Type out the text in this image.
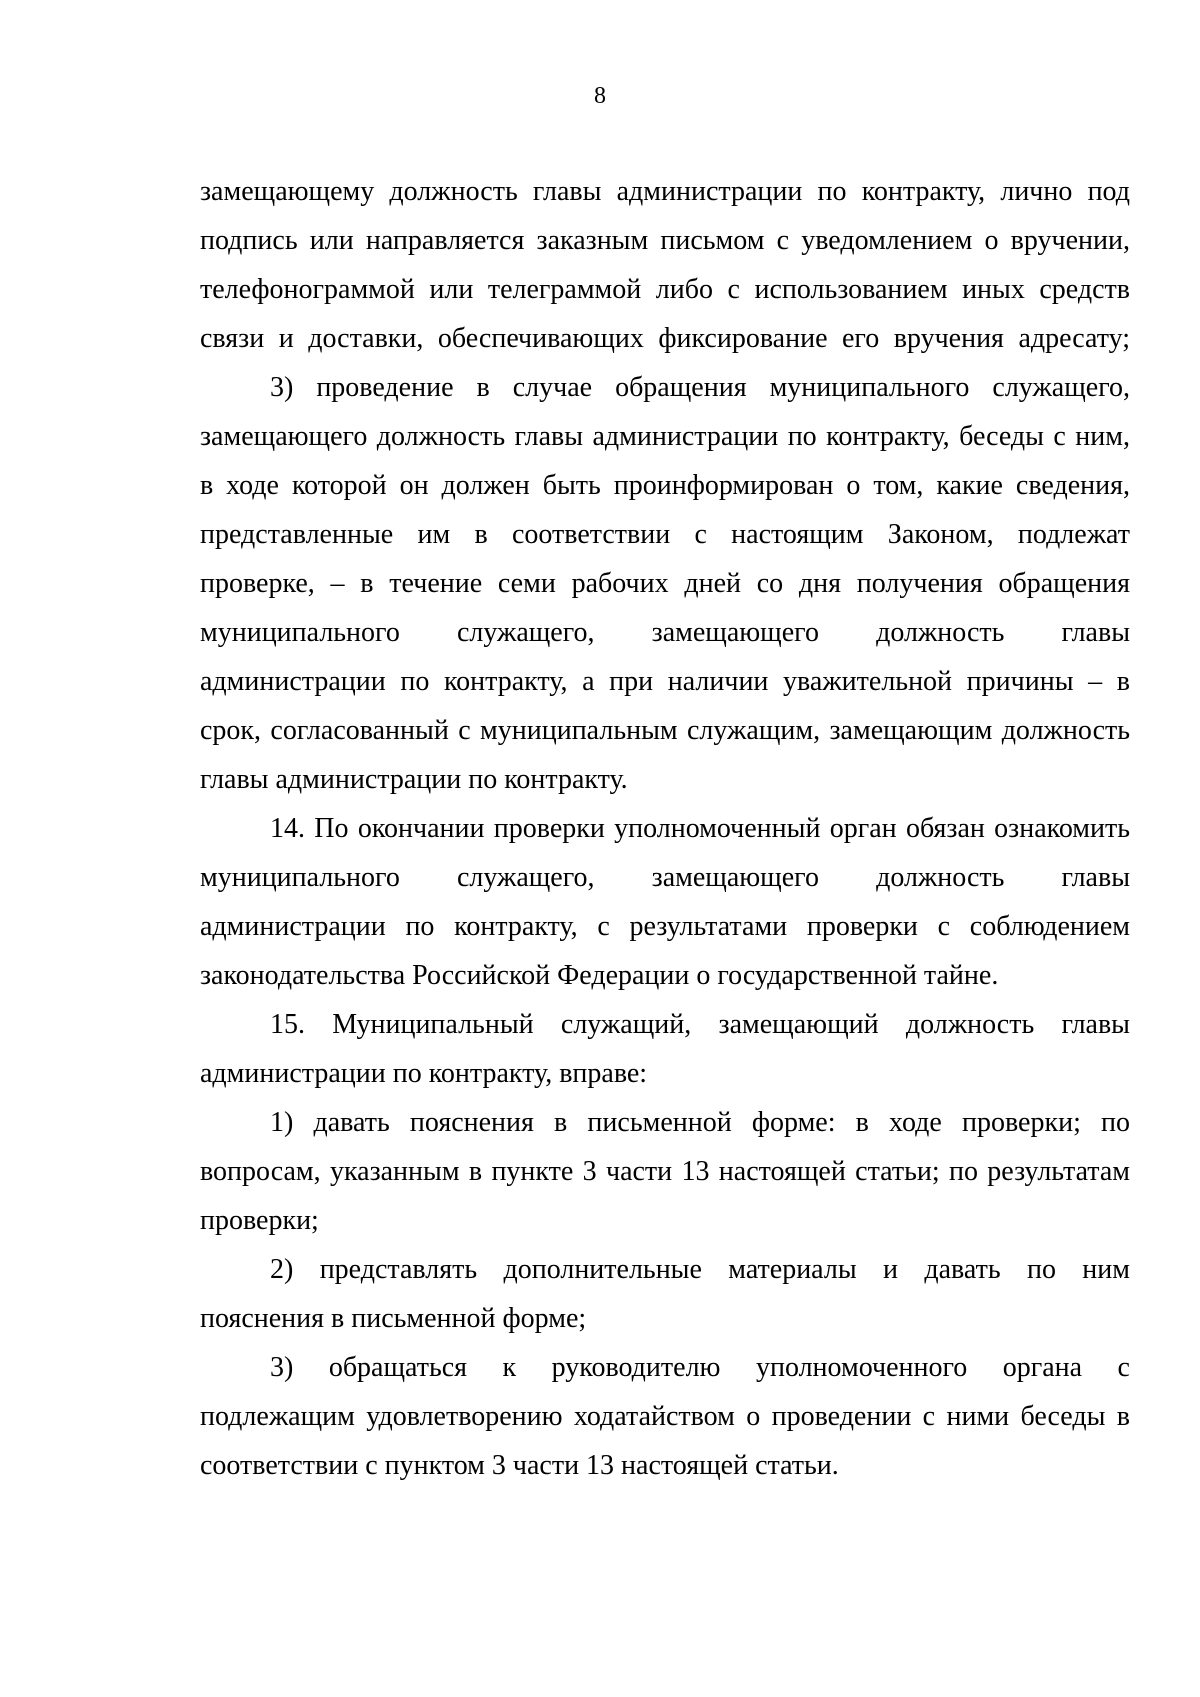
8
замещающему должность главы администрации по контракту, лично под
подпись или направляется заказным письмом с уведомлением о вручении,
телефонограммой или телеграммой либо с использованием иных средств
связи и доставки, обеспечивающих фиксирование его вручения адресату;
3) проведение в случае обращения муниципального служащего,
замещающего должность главы администрации по контракту, беседы с ним,
в ходе которой он должен быть проинформирован о том, какие сведения,
представленные им в соответствии с настоящим Законом, подлежат
проверке, – в течение семи рабочих дней со дня получения обращения
муниципального служащего, замещающего должность главы
администрации по контракту, а при наличии уважительной причины – в
срок, согласованный с муниципальным служащим, замещающим должность
главы администрации по контракту.
14. По окончании проверки уполномоченный орган обязан ознакомить
муниципального служащего, замещающего должность главы
администрации по контракту, с результатами проверки с соблюдением
законодательства Российской Федерации о государственной тайне.
15. Муниципальный служащий, замещающий должность главы
администрации по контракту, вправе:
1) давать пояснения в письменной форме: в ходе проверки; по
вопросам, указанным в пункте 3 части 13 настоящей статьи; по результатам
проверки;
2) представлять дополнительные материалы и давать по ним
пояснения в письменной форме;
3) обращаться к руководителю уполномоченного органа с
подлежащим удовлетворению ходатайством о проведении с ними беседы в
соответствии с пунктом 3 части 13 настоящей статьи.
